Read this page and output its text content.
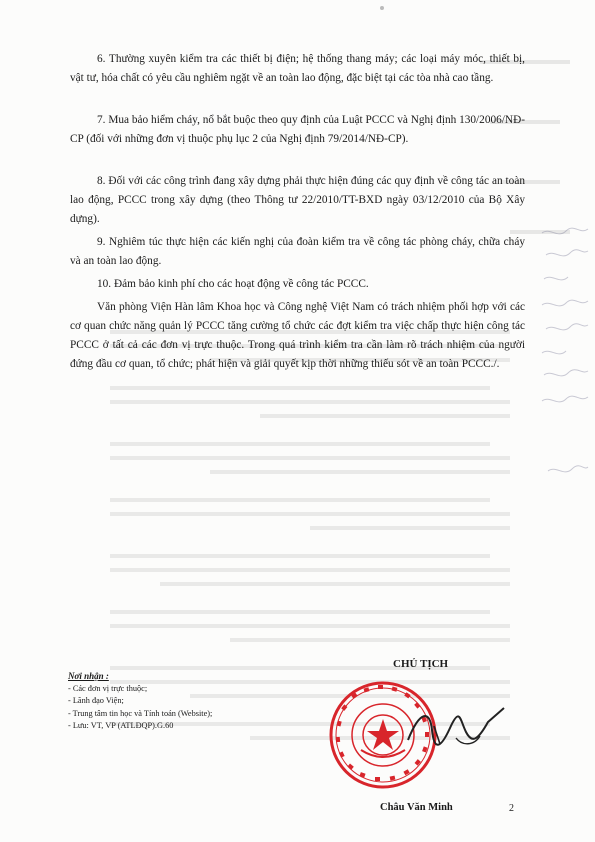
6. Thường xuyên kiểm tra các thiết bị điện; hệ thống thang máy; các loại máy móc, thiết bị, vật tư, hóa chất có yêu cầu nghiêm ngặt về an toàn lao động, đặc biệt tại các tòa nhà cao tầng.

7. Mua bảo hiểm cháy, nổ bắt buộc theo quy định của Luật PCCC và Nghị định 130/2006/NĐ-CP (đối với những đơn vị thuộc phụ lục 2 của Nghị định 79/2014/NĐ-CP).

8. Đối với các công trình đang xây dựng phải thực hiện đúng các quy định về công tác an toàn lao động, PCCC trong xây dựng (theo Thông tư 22/2010/TT-BXD ngày 03/12/2010 của Bộ Xây dựng).

9. Nghiêm túc thực hiện các kiến nghị của đoàn kiểm tra về công tác phòng cháy, chữa cháy và an toàn lao động.

10. Đảm bảo kinh phí cho các hoạt động về công tác PCCC.

Văn phòng Viện Hàn lâm Khoa học và Công nghệ Việt Nam có trách nhiệm phối hợp với các cơ quan chức năng quản lý PCCC tăng cường tổ chức các đợt kiểm tra việc chấp thực hiện công tác PCCC ở tất cả các đơn vị trực thuộc. Trong quá trình kiểm tra cần làm rõ trách nhiệm của người đứng đầu cơ quan, tổ chức; phát hiện và giải quyết kịp thời những thiếu sót về an toàn PCCC./.

Nơi nhận :
- Các đơn vị trực thuộc;
- Lãnh đạo Viện;
- Trung tâm tin học và Tính toán (Website);
- Lưu: VT, VP (ATLĐQP).G.60
CHỦ TỊCH
Châu Văn Minh	2
